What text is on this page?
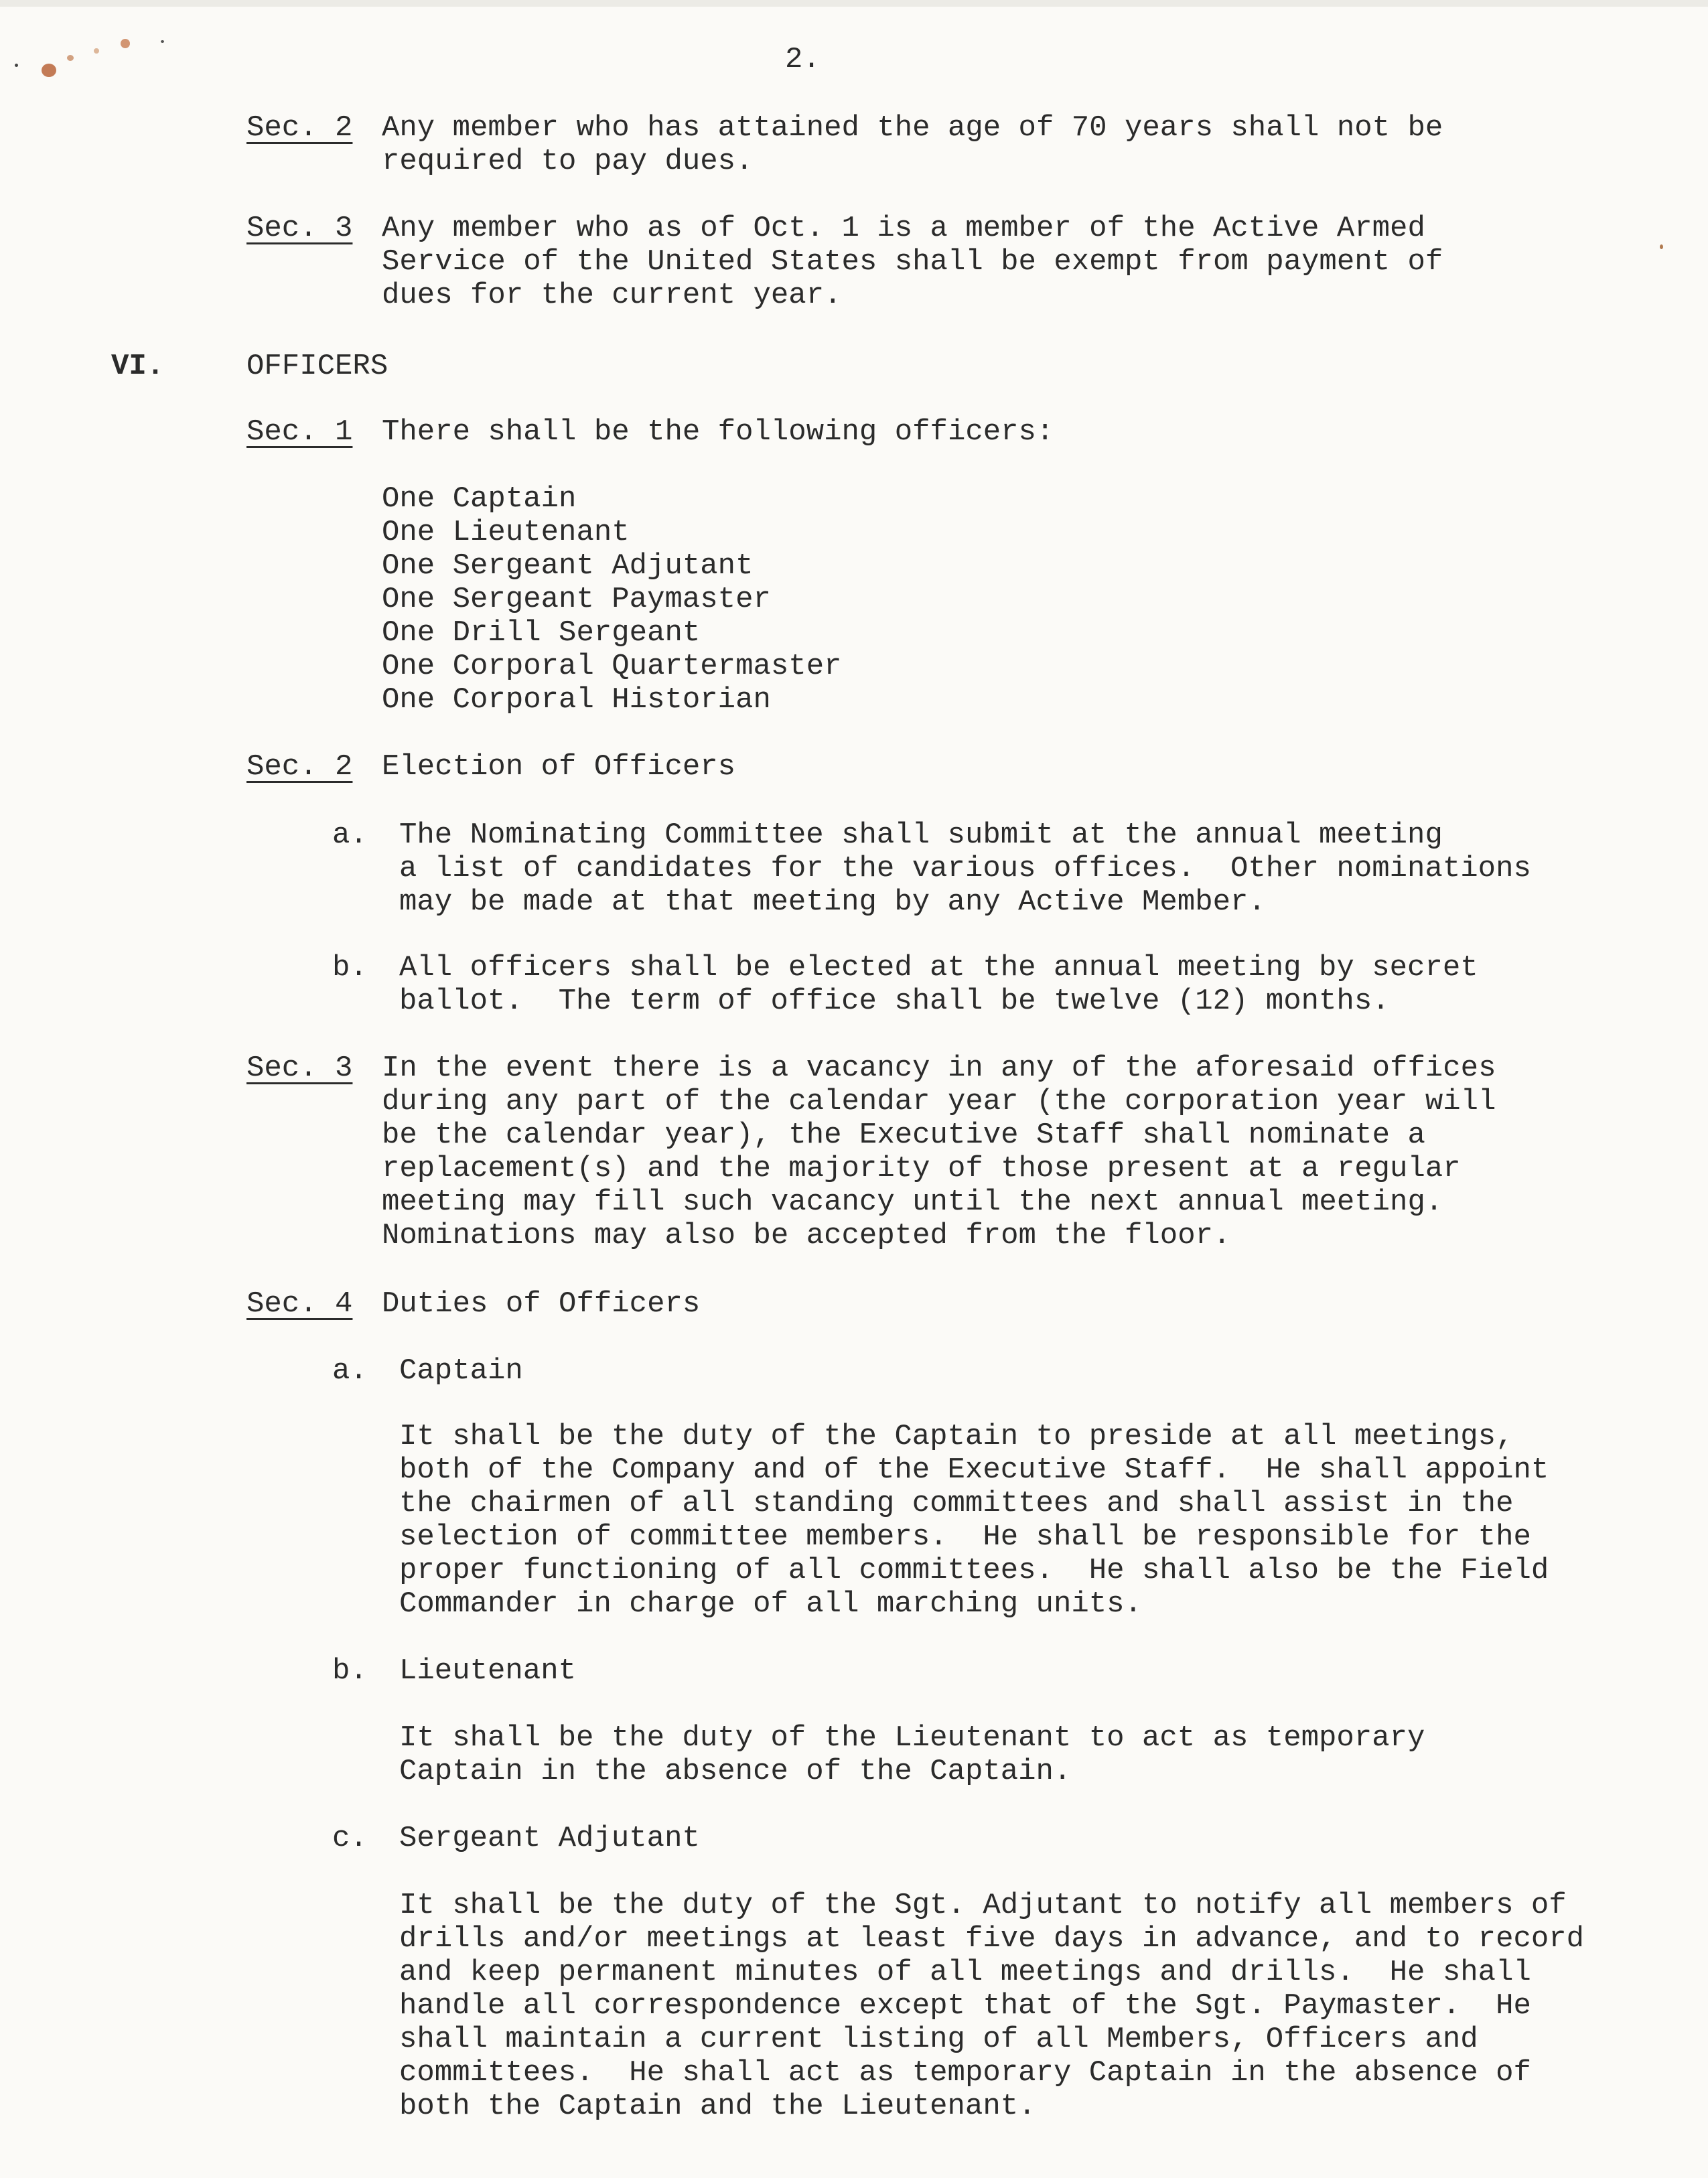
2.

Sec. 2 Any member who has attained the age of 70 years shall not be

required to pay dues.

Sec. 3 Any member who as of Oct. 1 is a member of the Active Armed

Service of the United States shall be exempt from payment of

dues for the current year.

VI.	OFFICERS

Sec. 1 There shall be the following officers:

One Captain

One Lieutenant

One Sergeant Adjutant

One Sergeant Paymaster

One Drill Sergeant

One Corporal Quartermaster

One Corporal Historian

Sec. 2 Election of Officers

a. The Nominating Committee shall submit at the annual meeting

a list of candidates for the various offices.  Other nominations

may be made at that meeting by any Active Member.

b. All officers shall be elected at the annual meeting by secret

ballot.  The term of office shall be twelve (12) months.

Sec. 3 In the event there is a vacancy in any of the aforesaid offices

during any part of the calendar year (the corporation year will

be the calendar year), the Executive Staff shall nominate a

replacement(s) and the majority of those present at a regular

meeting may fill such vacancy until the next annual meeting.

Nominations may also be accepted from the floor.

Sec. 4 Duties of Officers

a. Captain

It shall be the duty of the Captain to preside at all meetings,

both of the Company and of the Executive Staff.  He shall appoint

the chairmen of all standing committees and shall assist in the

selection of committee members.  He shall be responsible for the

proper functioning of all committees.  He shall also be the Field

Commander in charge of all marching units.

b. Lieutenant

It shall be the duty of the Lieutenant to act as temporary

Captain in the absence of the Captain.

c. Sergeant Adjutant

It shall be the duty of the Sgt. Adjutant to notify all members of

drills and/or meetings at least five days in advance, and to record

and keep permanent minutes of all meetings and drills.  He shall

handle all correspondence except that of the Sgt. Paymaster.  He

shall maintain a current listing of all Members, Officers and

committees.  He shall act as temporary Captain in the absence of

both the Captain and the Lieutenant.
